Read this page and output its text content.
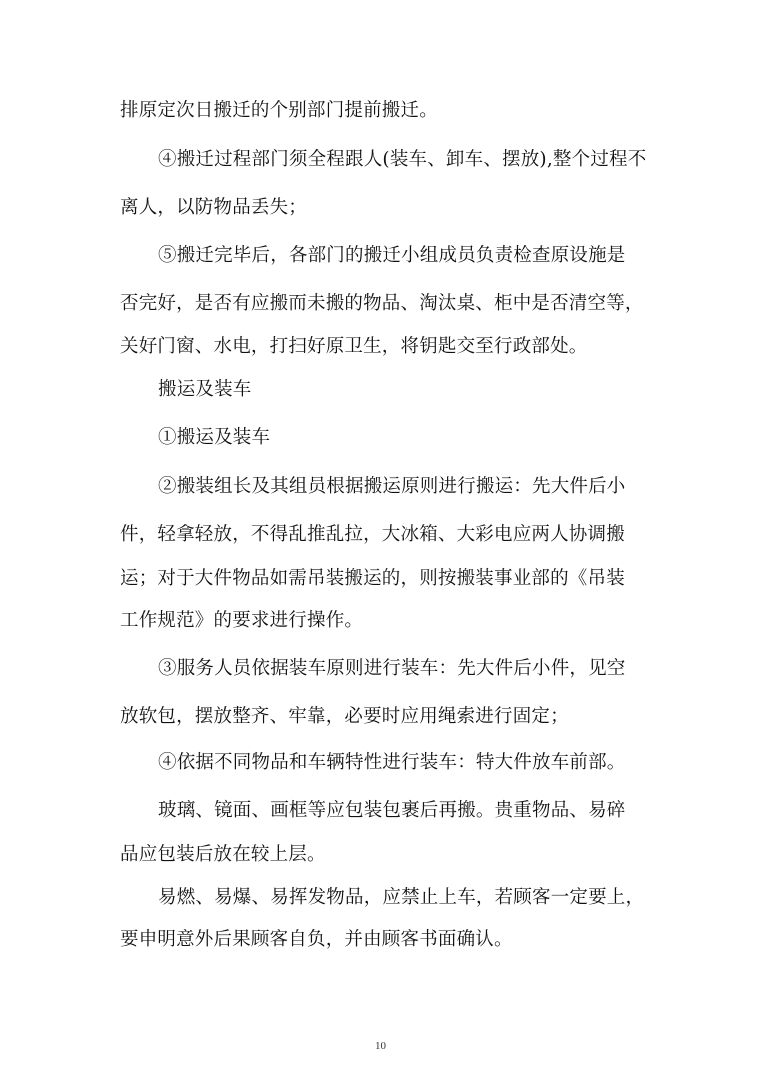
排原定次日搬迁的个别部门提前搬迁。
④搬迁过程部门须全程跟人(装车、卸车、摆放),整个过程不
离人，以防物品丢失；
⑤搬迁完毕后，各部门的搬迁小组成员负责检查原设施是
否完好，是否有应搬而未搬的物品、淘汰桌、柜中是否清空等，
关好门窗、水电，打扫好原卫生，将钥匙交至行政部处。
搬运及装车
①搬运及装车
②搬装组长及其组员根据搬运原则进行搬运：先大件后小
件，轻拿轻放，不得乱推乱拉，大冰箱、大彩电应两人协调搬
运；对于大件物品如需吊装搬运的，则按搬装事业部的《吊装
工作规范》的要求进行操作。
③服务人员依据装车原则进行装车：先大件后小件，见空
放软包，摆放整齐、牢靠，必要时应用绳索进行固定；
④依据不同物品和车辆特性进行装车：特大件放车前部。
玻璃、镜面、画框等应包装包裹后再搬。贵重物品、易碎
品应包装后放在较上层。
易燃、易爆、易挥发物品，应禁止上车，若顾客一定要上，
要申明意外后果顾客自负，并由顾客书面确认。
10
